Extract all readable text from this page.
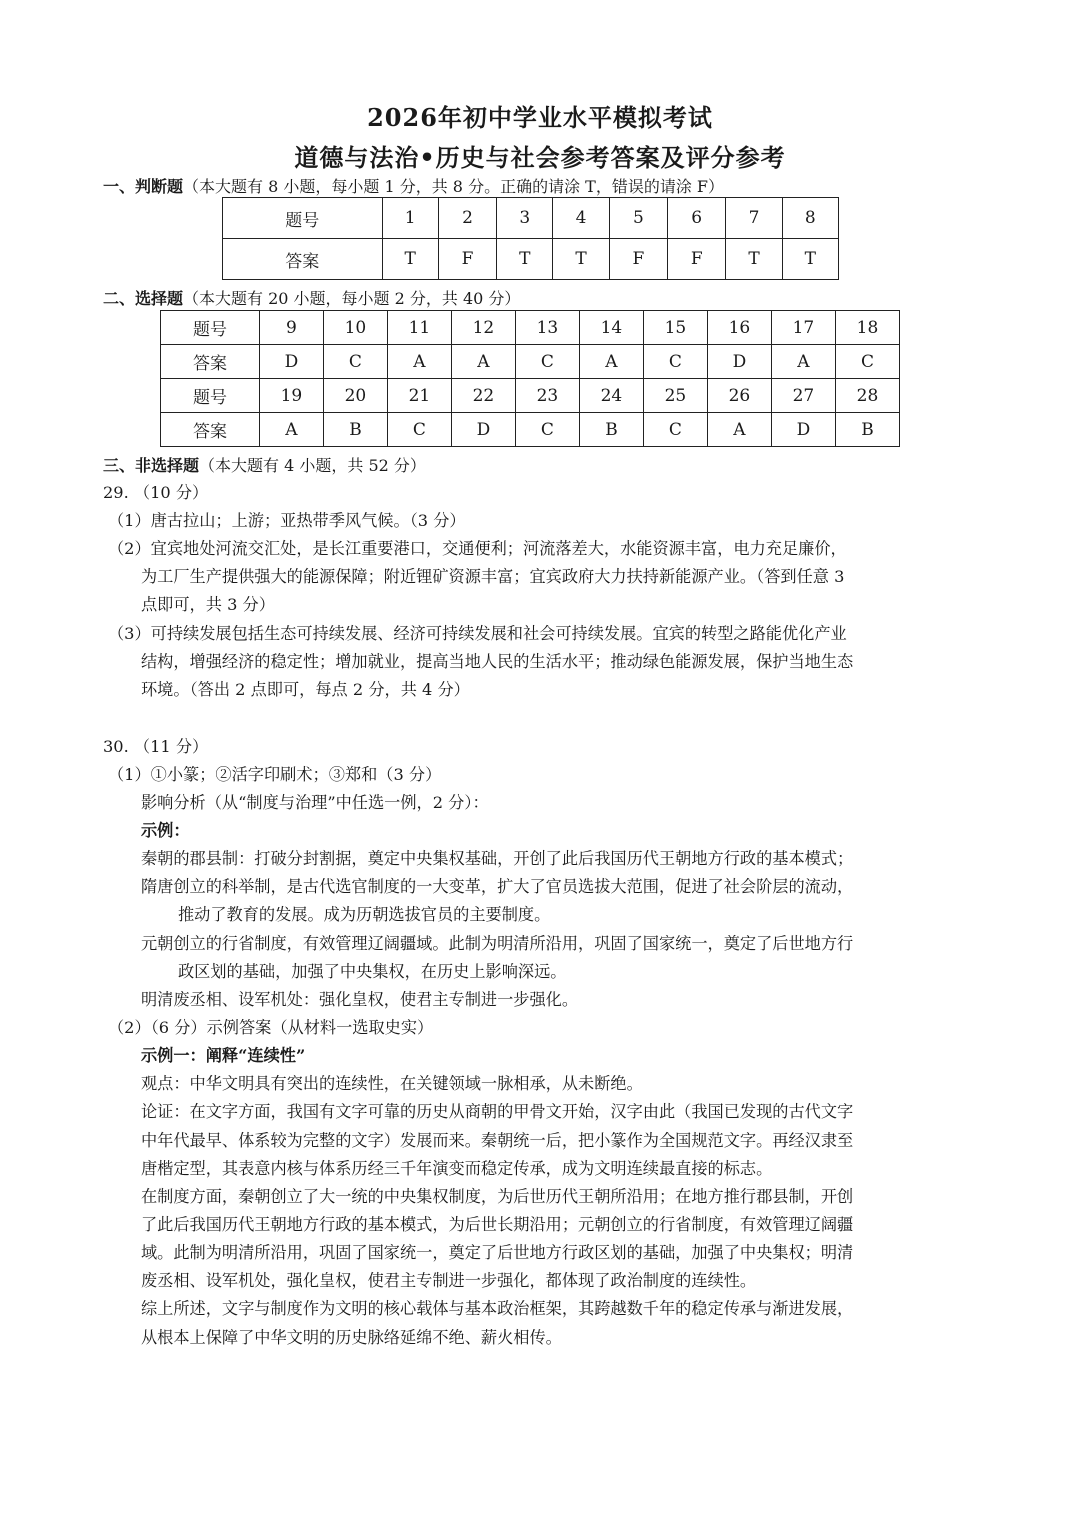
2026年初中学业水平模拟考试
道德与法治•历史与社会参考答案及评分参考
一、判断题（本大题有 8 小题，每小题 1 分，共 8 分。正确的请涂 T，错误的请涂 F）
题号	1	2	3	4	5	6	7	8
答案	T	F	T	T	F	F	T	T
二、选择题（本大题有 20 小题，每小题 2 分，共 40 分）
题号	9	10	11	12	13	14	15	16	17	18
答案	D	C	A	A	C	A	C	D	A	C
题号	19	20	21	22	23	24	25	26	27	28
答案	A	B	C	D	C	B	C	A	D	B
三、非选择题（本大题有 4 小题，共 52 分）
29. （10 分）
（1）唐古拉山；上游；亚热带季风气候。（3 分）
（2）宜宾地处河流交汇处，是长江重要港口，交通便利；河流落差大，水能资源丰富，电力充足廉价，
为工厂生产提供强大的能源保障；附近锂矿资源丰富；宜宾政府大力扶持新能源产业。（答到任意 3
点即可，共 3 分）
（3）可持续发展包括生态可持续发展、经济可持续发展和社会可持续发展。宜宾的转型之路能优化产业
结构，增强经济的稳定性；增加就业，提高当地人民的生活水平；推动绿色能源发展，保护当地生态
环境。（答出 2 点即可，每点 2 分，共 4 分）
30. （11 分）
（1）①小篆；②活字印刷术；③郑和（3 分）
影响分析（从“制度与治理”中任选一例，2 分）：
示例：
秦朝的郡县制：打破分封割据，奠定中央集权基础，开创了此后我国历代王朝地方行政的基本模式；
隋唐创立的科举制，是古代选官制度的一大变革，扩大了官员选拔大范围，促进了社会阶层的流动，
推动了教育的发展。成为历朝选拔官员的主要制度。
元朝创立的行省制度，有效管理辽阔疆域。此制为明清所沿用，巩固了国家统一，奠定了后世地方行
政区划的基础，加强了中央集权，在历史上影响深远。
明清废丞相、设军机处：强化皇权，使君主专制进一步强化。
（2）（6 分）示例答案（从材料一选取史实）
示例一：阐释“连续性”
观点：中华文明具有突出的连续性，在关键领域一脉相承，从未断绝。
论证：在文字方面，我国有文字可靠的历史从商朝的甲骨文开始，汉字由此（我国已发现的古代文字
中年代最早、体系较为完整的文字）发展而来。秦朝统一后，把小篆作为全国规范文字。再经汉隶至
唐楷定型，其表意内核与体系历经三千年演变而稳定传承，成为文明连续最直接的标志。
在制度方面，秦朝创立了大一统的中央集权制度，为后世历代王朝所沿用；在地方推行郡县制，开创
了此后我国历代王朝地方行政的基本模式，为后世长期沿用；元朝创立的行省制度，有效管理辽阔疆
域。此制为明清所沿用，巩固了国家统一，奠定了后世地方行政区划的基础，加强了中央集权；明清
废丞相、设军机处，强化皇权，使君主专制进一步强化，都体现了政治制度的连续性。
综上所述，文字与制度作为文明的核心载体与基本政治框架，其跨越数千年的稳定传承与渐进发展，
从根本上保障了中华文明的历史脉络延绵不绝、薪火相传。
